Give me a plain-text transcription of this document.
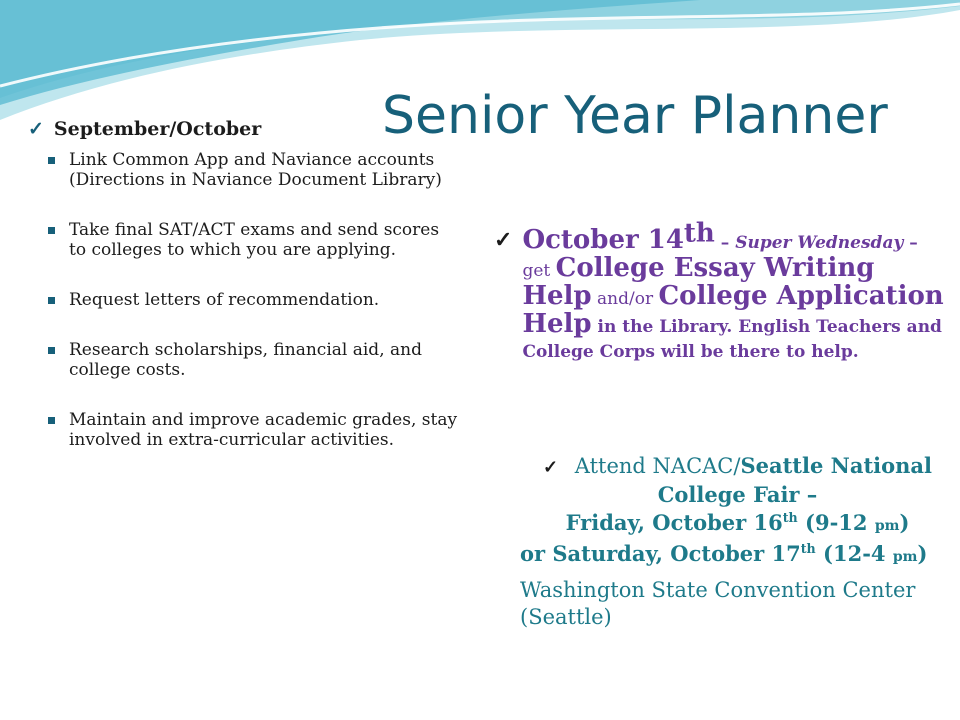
Senior Year Planner
✓ September/October
Link Common App and Naviance accounts (Directions in Naviance Document Library)
Take final SAT/ACT exams and send scores to colleges to which you are applying.
Request letters of recommendation.
Research scholarships, financial aid, and college costs.
Maintain and improve academic grades, stay involved in extra-curricular activities.
✓ October 14th – Super Wednesday – get College Essay Writing Help and/or College Application Help in the Library. English Teachers and College Corps will be there to help.
✓ Attend NACAC/Seattle National College Fair –
Friday, October 16th (9-12 pm)
or Saturday, October 17th (12-4 pm)
Washington State Convention Center (Seattle)
